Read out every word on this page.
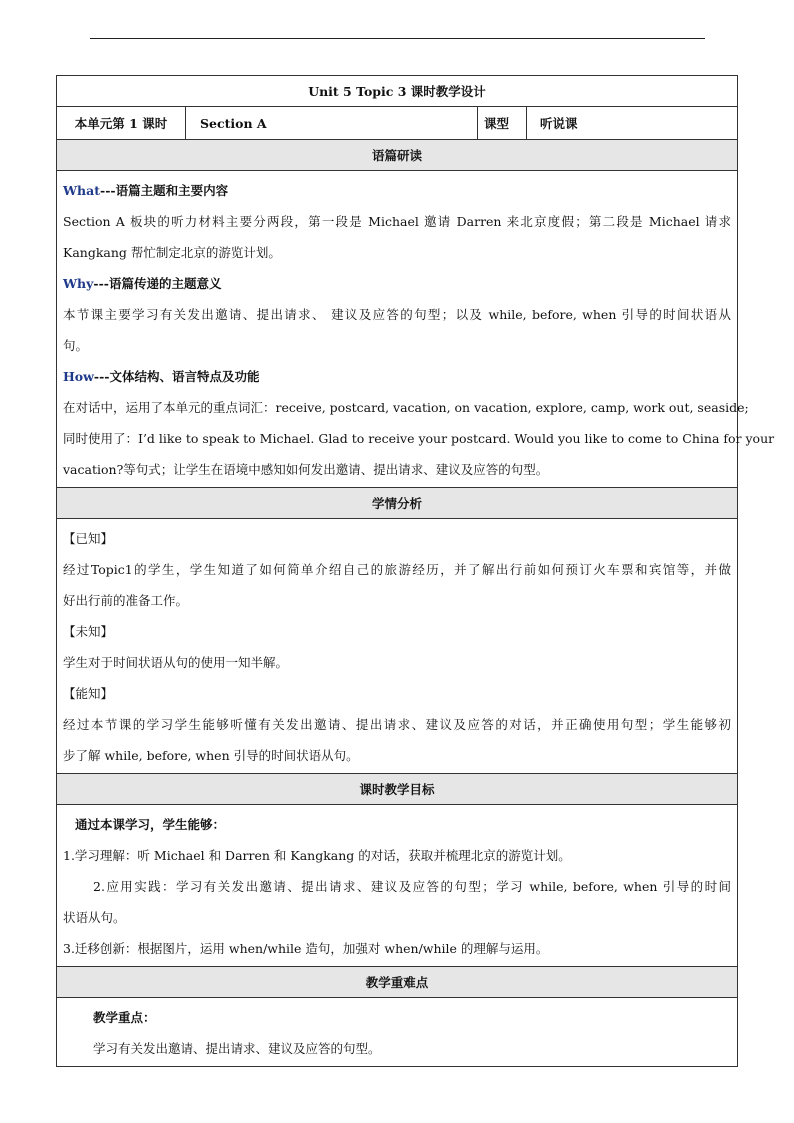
Unit 5 Topic 3 课时教学设计
本单元第 1 课时	Section A	课型	听说课
语篇研读
What---语篇主题和主要内容
Section A 板块的听力材料主要分两段，第一段是 Michael 邀请 Darren 来北京度假；第二段是 Michael 请求
Kangkang 帮忙制定北京的游览计划。
Why---语篇传递的主题意义
本节课主要学习有关发出邀请、提出请求、 建议及应答的句型；以及 while, before, when 引导的时间状语从
句。
How---文体结构、语言特点及功能
在对话中，运用了本单元的重点词汇：receive, postcard, vacation, on vacation, explore, camp, work out, seaside;
同时使用了：I’d like to speak to Michael. Glad to receive your postcard. Would you like to come to China for your
vacation?等句式；让学生在语境中感知如何发出邀请、提出请求、建议及应答的句型。
学情分析
【已知】
经过Topic1的学生，学生知道了如何简单介绍自己的旅游经历，并了解出行前如何预订火车票和宾馆等，并做
好出行前的准备工作。
【未知】
学生对于时间状语从句的使用一知半解。
【能知】
经过本节课的学习学生能够听懂有关发出邀请、提出请求、建议及应答的对话，并正确使用句型；学生能够初
步了解 while, before, when 引导的时间状语从句。
课时教学目标
通过本课学习，学生能够：
1.学习理解：听 Michael 和 Darren 和 Kangkang 的对话，获取并梳理北京的游览计划。
2.应用实践：学习有关发出邀请、提出请求、建议及应答的句型；学习 while, before, when 引导的时间
状语从句。
3.迁移创新：根据图片，运用 when/while 造句，加强对 when/while 的理解与运用。
教学重难点
教学重点：
学习有关发出邀请、提出请求、建议及应答的句型。
